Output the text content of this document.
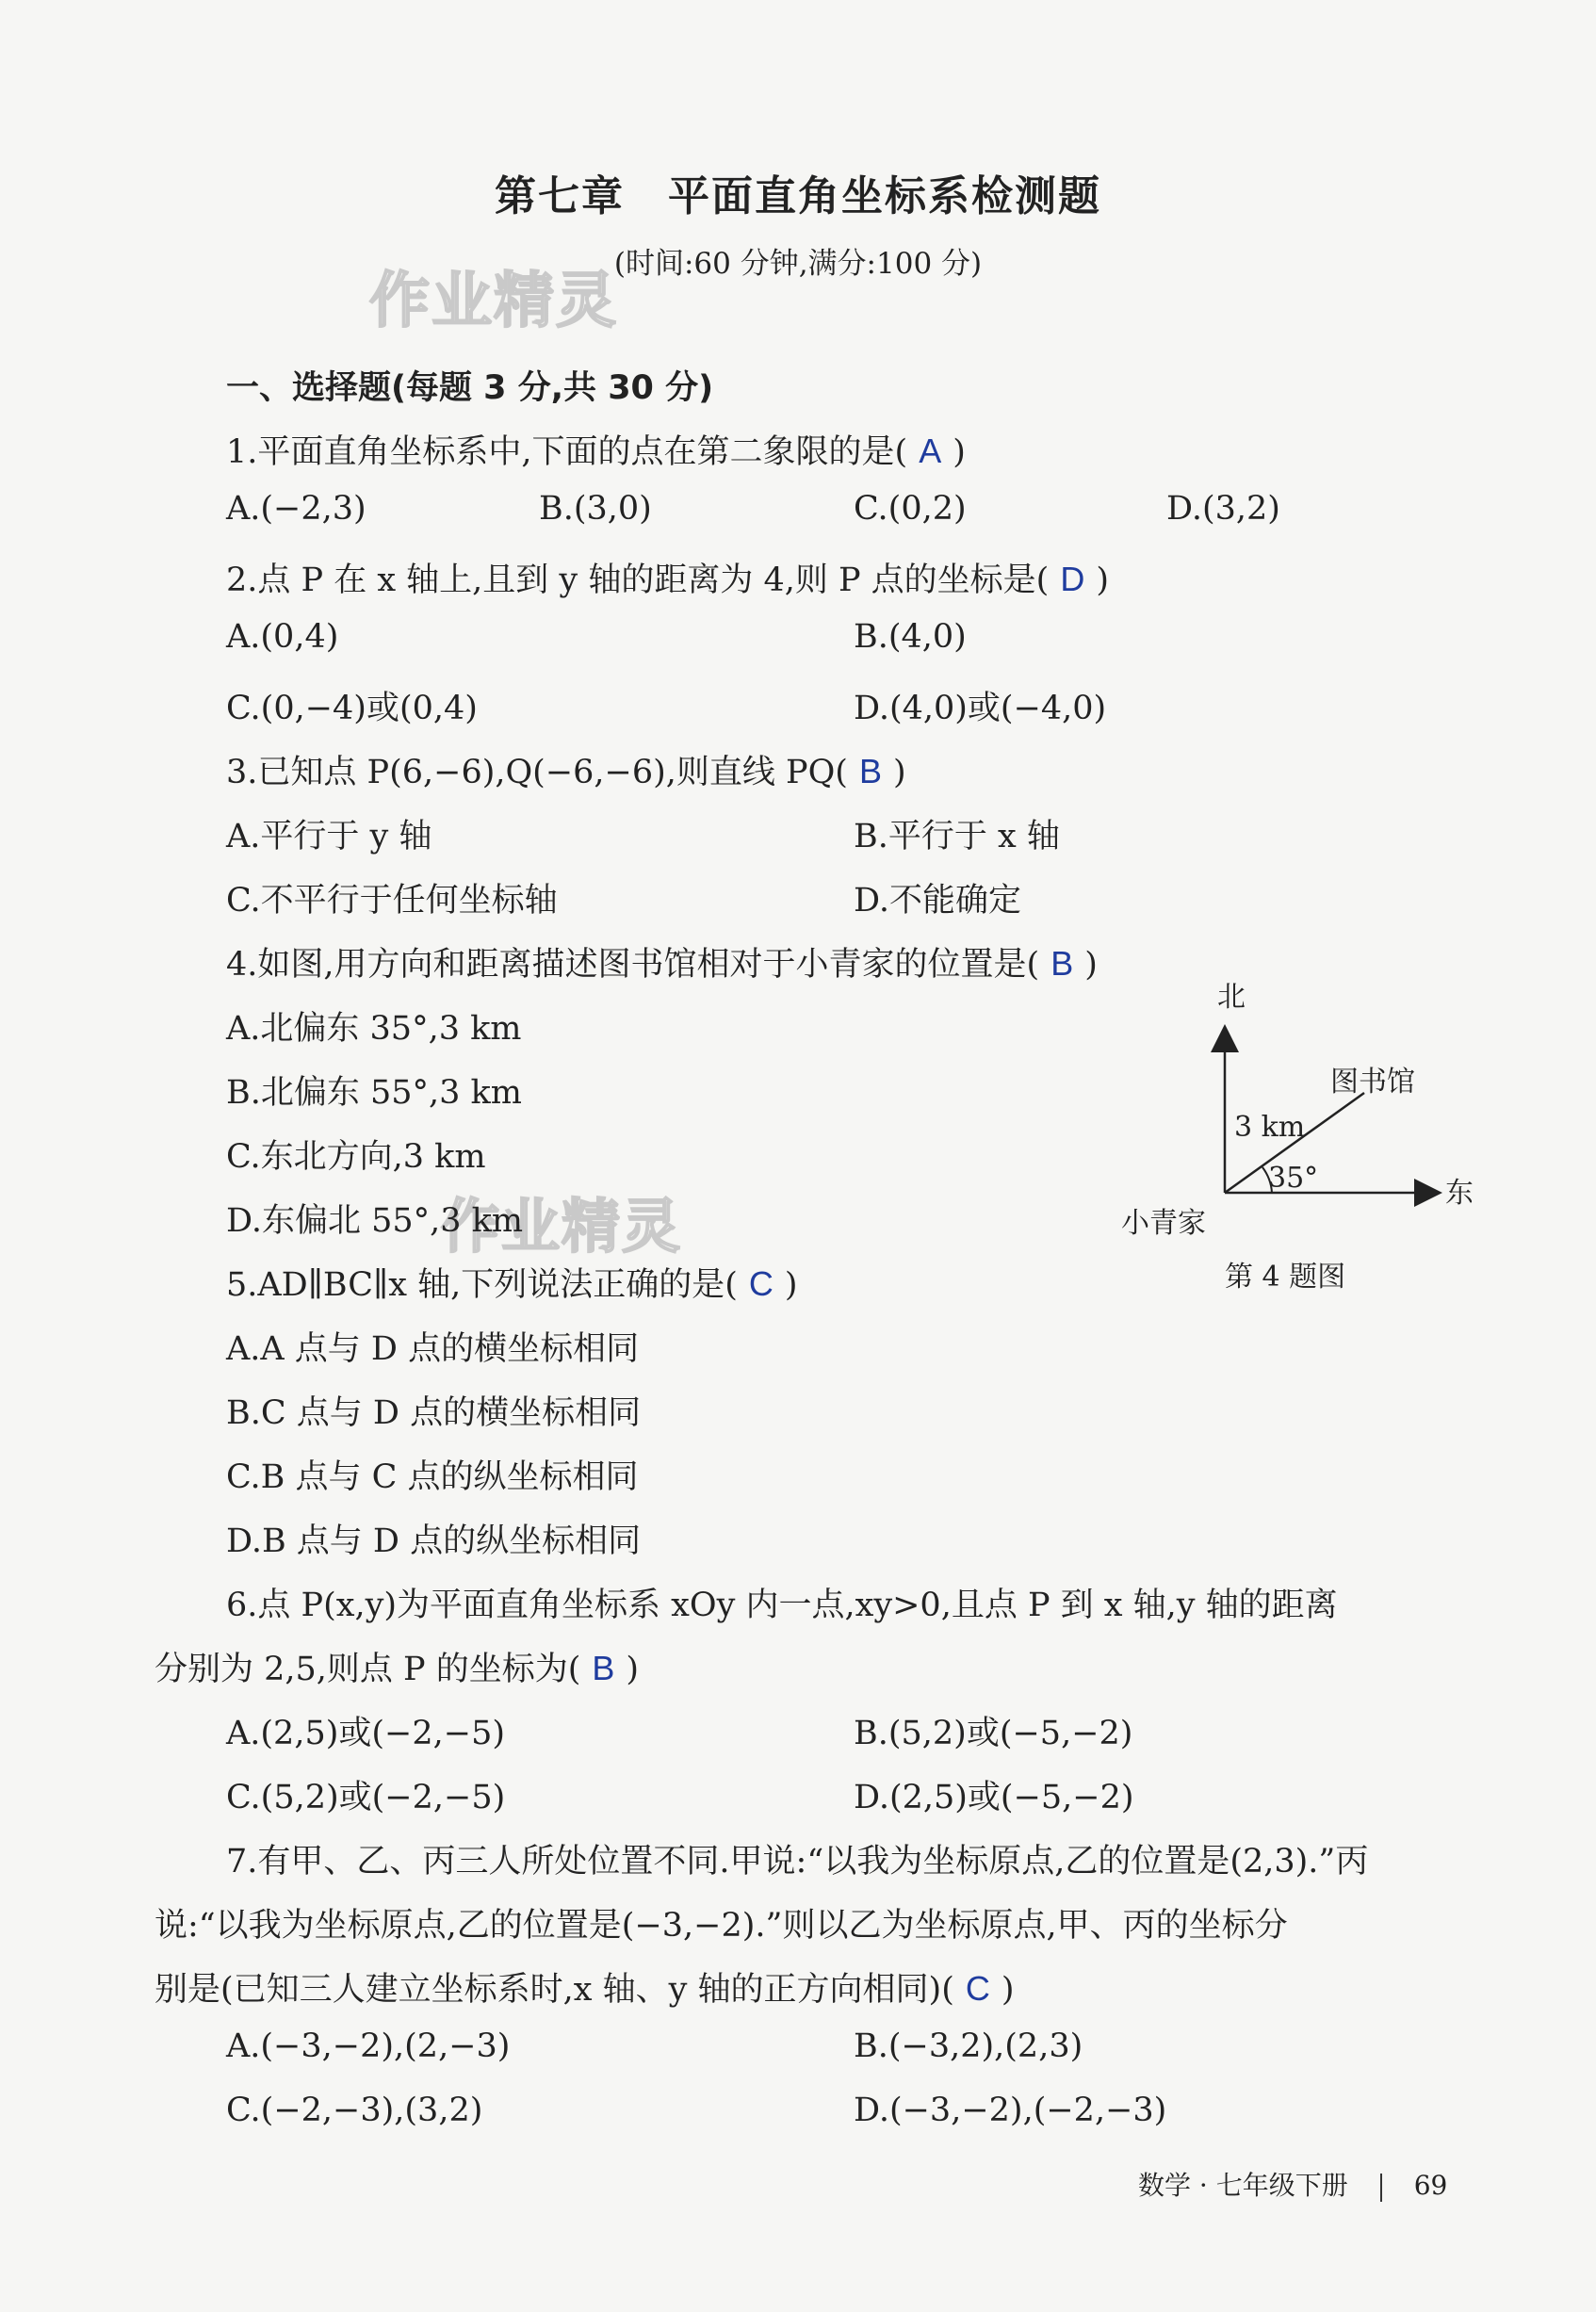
第七章　平面直角坐标系检测题
(时间:60 分钟,满分:100 分)
作业精灵
作业精灵
一、选择题(每题 3 分,共 30 分)
1.平面直角坐标系中,下面的点在第二象限的是( A )
A.(−2,3)	B.(3,0)	C.(0,2)	D.(3,2)
2.点 P 在 x 轴上,且到 y 轴的距离为 4,则 P 点的坐标是( D )
A.(0,4)	B.(4,0)
C.(0,−4)或(0,4)	D.(4,0)或(−4,0)
3.已知点 P(6,−6),Q(−6,−6),则直线 PQ( B )
A.平行于 y 轴	B.平行于 x 轴
C.不平行于任何坐标轴	D.不能确定
4.如图,用方向和距离描述图书馆相对于小青家的位置是( B )
A.北偏东 35°,3 km
B.北偏东 55°,3 km
C.东北方向,3 km
D.东偏北 55°,3 km
北
东
图书馆
3 km
35°
小青家
第 4 题图
5.AD∥BC∥x 轴,下列说法正确的是( C )
A.A 点与 D 点的横坐标相同
B.C 点与 D 点的横坐标相同
C.B 点与 C 点的纵坐标相同
D.B 点与 D 点的纵坐标相同
6.点 P(x,y)为平面直角坐标系 xOy 内一点,xy>0,且点 P 到 x 轴,y 轴的距离
分别为 2,5,则点 P 的坐标为( B )
A.(2,5)或(−2,−5)	B.(5,2)或(−5,−2)
C.(5,2)或(−2,−5)	D.(2,5)或(−5,−2)
7.有甲、乙、丙三人所处位置不同.甲说:“以我为坐标原点,乙的位置是(2,3).”丙
说:“以我为坐标原点,乙的位置是(−3,−2).”则以乙为坐标原点,甲、丙的坐标分
别是(已知三人建立坐标系时,x 轴、y 轴的正方向相同)( C )
A.(−3,−2),(2,−3)	B.(−3,2),(2,3)
C.(−2,−3),(3,2)	D.(−3,−2),(−2,−3)
数学 · 七年级下册	69
